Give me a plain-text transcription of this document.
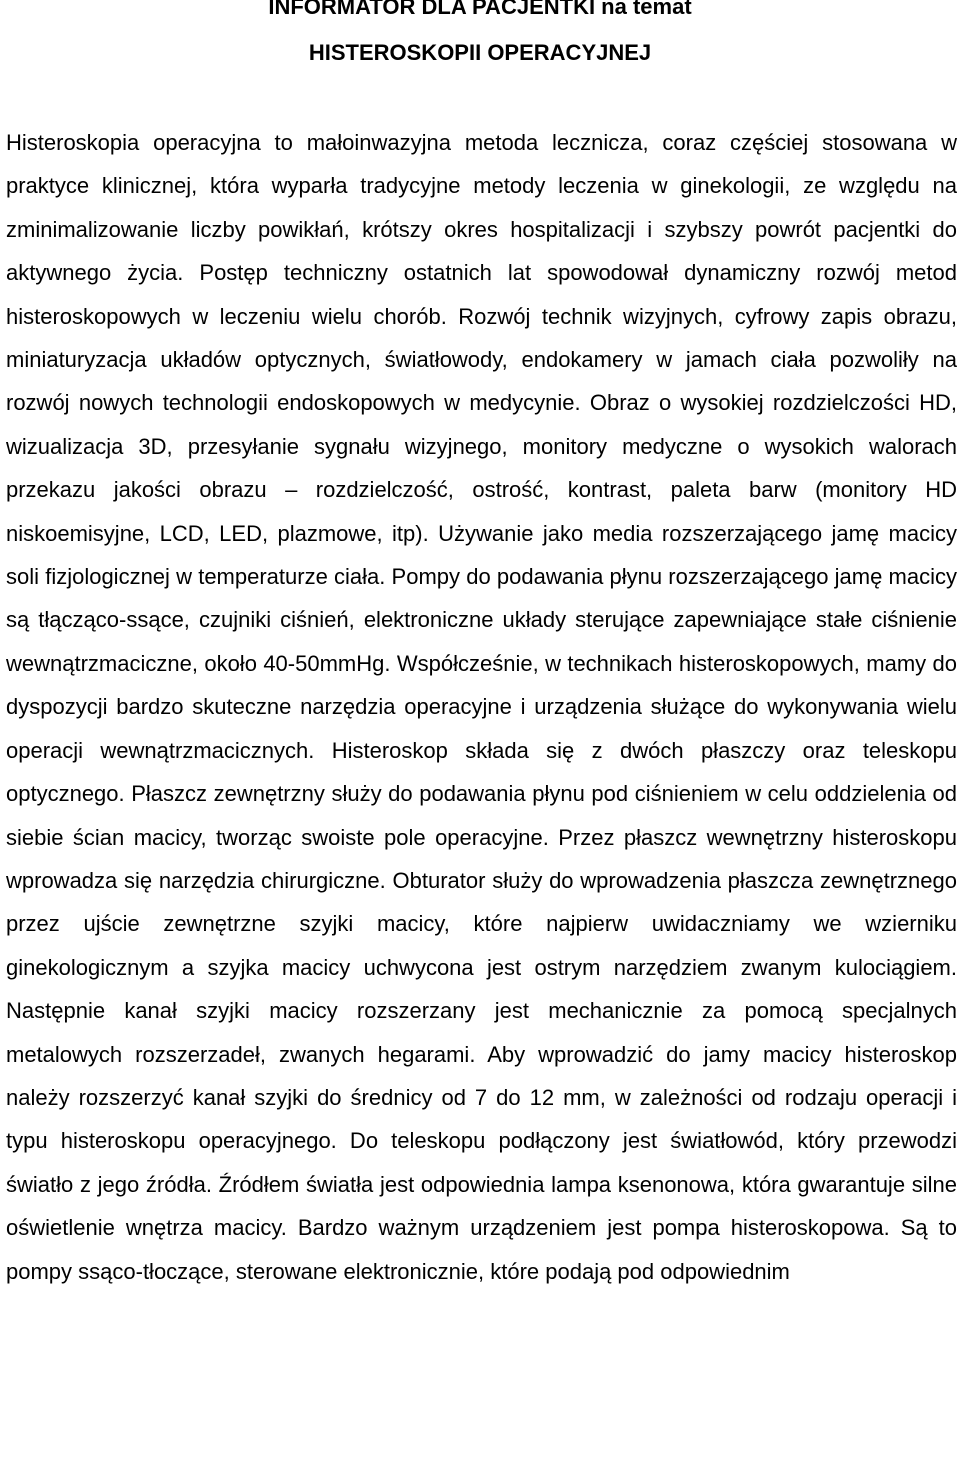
INFORMATOR DLA PACJENTKI na temat
HISTEROSKOPII OPERACYJNEJ

Histeroskopia operacyjna to małoinwazyjna metoda lecznicza, coraz częściej stosowana w praktyce klinicznej, która wyparła tradycyjne metody leczenia w ginekologii, ze względu na zminimalizowanie liczby powikłań, krótszy okres hospitalizacji i szybszy powrót pacjentki do aktywnego życia. Postęp techniczny ostatnich lat spowodował dynamiczny rozwój metod histeroskopowych w leczeniu wielu chorób. Rozwój technik wizyjnych, cyfrowy zapis obrazu, miniaturyzacja układów optycznych, światłowody, endokamery w jamach ciała pozwoliły na rozwój nowych technologii endoskopowych w medycynie. Obraz o wysokiej rozdzielczości HD, wizualizacja 3D, przesyłanie sygnału wizyjnego, monitory medyczne o wysokich walorach przekazu jakości obrazu – rozdzielczość, ostrość, kontrast, paleta barw (monitory HD niskoemisyjne, LCD, LED, plazmowe, itp). Używanie jako media rozszerzającego jamę macicy soli fizjologicznej w temperaturze ciała. Pompy do podawania płynu rozszerzającego jamę macicy są tłącząco-ssące, czujniki ciśnień, elektroniczne układy sterujące zapewniające stałe ciśnienie wewnątrzmaciczne, około 40-50mmHg. Współcześnie, w technikach histeroskopowych, mamy do dyspozycji bardzo skuteczne narzędzia operacyjne i urządzenia służące do wykonywania wielu operacji wewnątrzmacicznych. Histeroskop składa się z dwóch płaszczy oraz teleskopu optycznego. Płaszcz zewnętrzny służy do podawania płynu pod ciśnieniem w celu oddzielenia od siebie ścian macicy, tworząc swoiste pole operacyjne. Przez płaszcz wewnętrzny histeroskopu wprowadza się narzędzia chirurgiczne. Obturator służy do wprowadzenia płaszcza zewnętrznego przez ujście zewnętrzne szyjki macicy, które najpierw uwidaczniamy we wzierniku ginekologicznym a szyjka macicy uchwycona jest ostrym narzędziem zwanym kulociągiem. Następnie kanał szyjki macicy rozszerzany jest mechanicznie za pomocą specjalnych metalowych rozszerzadeł, zwanych hegarami. Aby wprowadzić do jamy macicy histeroskop należy rozszerzyć kanał szyjki do średnicy od 7 do 12 mm, w zależności od rodzaju operacji i typu histeroskopu operacyjnego. Do teleskopu podłączony jest światłowód, który przewodzi światło z jego źródła. Źródłem światła jest odpowiednia lampa ksenonowa, która gwarantuje silne oświetlenie wnętrza macicy. Bardzo ważnym urządzeniem jest pompa histeroskopowa. Są to pompy ssąco-tłoczące, sterowane elektronicznie, które podają pod odpowiednim
